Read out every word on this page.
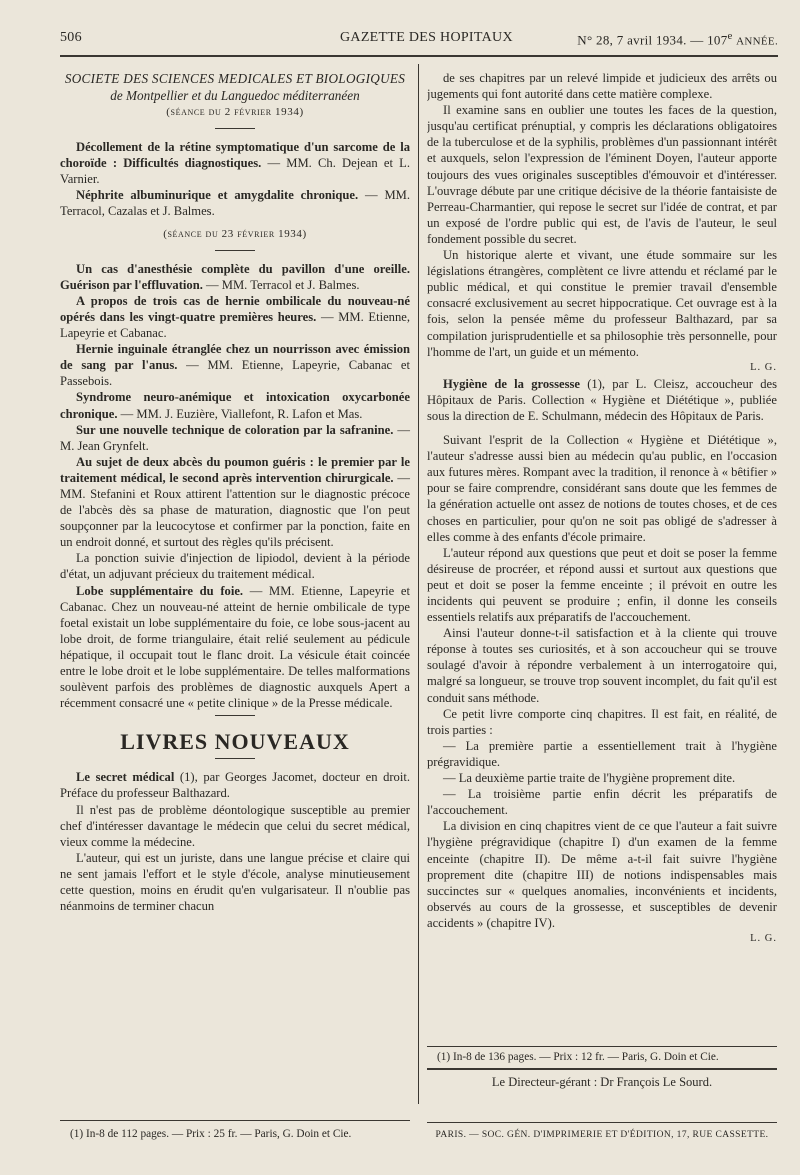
506	GAZETTE DES HOPITAUX	N° 28, 7 avril 1934. — 107e ANNÉE.

SOCIETE DES SCIENCES MEDICALES ET BIOLOGIQUES

de Montpellier et du Languedoc méditerranéen

(séance du 2 février 1934)

Décollement de la rétine symptomatique d'un sarcome de la choroïde : Difficultés diagnostiques. — MM. Ch. Dejean et L. Varnier.

Néphrite albuminurique et amygdalite chronique. — MM. Terracol, Cazalas et J. Balmes.

(séance du 23 février 1934)

Un cas d'anesthésie complète du pavillon d'une oreille. Guérison par l'effluvation. — MM. Terracol et J. Balmes.

A propos de trois cas de hernie ombilicale du nouveau-né opérés dans les vingt-quatre premières heures. — MM. Etienne, Lapeyrie et Cabanac.

Hernie inguinale étranglée chez un nourrisson avec émission de sang par l'anus. — MM. Etienne, Lapeyrie, Cabanac et Passebois.

Syndrome neuro-anémique et intoxication oxycarbonée chronique. — MM. J. Euzière, Viallefont, R. Lafon et Mas.

Sur une nouvelle technique de coloration par la safranine. — M. Jean Grynfelt.

Au sujet de deux abcès du poumon guéris : le premier par le traitement médical, le second après intervention chirurgicale. — MM. Stefanini et Roux attirent l'attention sur le diagnostic précoce de l'abcès dès sa phase de maturation, diagnostic que l'on peut soupçonner par la leucocytose et confirmer par la ponction, faite en un endroit donné, et surtout des règles qu'ils précisent.

La ponction suivie d'injection de lipiodol, devient à la période d'état, un adjuvant précieux du traitement médical.

Lobe supplémentaire du foie. — MM. Etienne, Lapeyrie et Cabanac. Chez un nouveau-né atteint de hernie ombilicale de type foetal existait un lobe supplémentaire du foie, ce lobe sous-jacent au lobe droit, de forme triangulaire, était relié seulement au pédicule hépatique, il occupait tout le flanc droit. La vésicule était coincée entre le lobe droit et le lobe supplémentaire. De telles malformations soulèvent parfois des problèmes de diagnostic auxquels Apert a récemment consacré une « petite clinique » de la Presse médicale.

LIVRES NOUVEAUX

Le secret médical (1), par Georges Jacomet, docteur en droit. Préface du professeur Balthazard.

Il n'est pas de problème déontologique susceptible au premier chef d'intéresser davantage le médecin que celui du secret médical, vieux comme la médecine.

L'auteur, qui est un juriste, dans une langue précise et claire qui ne sent jamais l'effort et le style d'école, analyse minutieusement cette question, moins en érudit qu'en vulgarisateur. Il n'oublie pas néanmoins de terminer chacun

(1) In-8 de 112 pages. — Prix : 25 fr. — Paris, G. Doin et Cie.

de ses chapitres par un relevé limpide et judicieux des arrêts ou jugements qui font autorité dans cette matière complexe.

Il examine sans en oublier une toutes les faces de la question, jusqu'au certificat prénuptial, y compris les déclarations obligatoires de la tuberculose et de la syphilis, problèmes d'un passionnant intérêt et auxquels, selon l'expression de l'éminent Doyen, l'auteur apporte toujours des vues originales susceptibles d'émouvoir et d'intéresser. L'ouvrage débute par une critique décisive de la théorie fantaisiste de Perreau-Charmantier, qui repose le secret sur l'idée de contrat, et par un exposé de l'ordre public qui est, de l'avis de l'auteur, le seul fondement possible du secret.

Un historique alerte et vivant, une étude sommaire sur les législations étrangères, complètent ce livre attendu et réclamé par le public médical, et qui constitue le premier travail d'ensemble consacré exclusivement au secret hippocratique. Cet ouvrage est à la fois, selon la pensée même du professeur Balthazard, par sa compilation jurisprudentielle et sa philosophie très personnelle, pour l'homme de l'art, un guide et un mémento.

L. G.

Hygiène de la grossesse (1), par L. Cleisz, accoucheur des Hôpitaux de Paris. Collection « Hygiène et Diététique », publiée sous la direction de E. Schulmann, médecin des Hôpitaux de Paris.

Suivant l'esprit de la Collection « Hygiène et Diététique », l'auteur s'adresse aussi bien au médecin qu'au public, en l'occasion aux futures mères. Rompant avec la tradition, il renonce à « bêtifier » pour se faire comprendre, considérant sans doute que les femmes de la génération actuelle ont assez de notions de toutes choses, et de ces choses en particulier, pour qu'on ne soit pas obligé de s'adresser à elles comme à des enfants d'école primaire.

L'auteur répond aux questions que peut et doit se poser la femme désireuse de procréer, et répond aussi et surtout aux questions que peut et doit se poser la femme enceinte ; il prévoit en outre les incidents qui peuvent se produire ; enfin, il donne les conseils essentiels relatifs aux préparatifs de l'accouchement.

Ainsi l'auteur donne-t-il satisfaction et à la cliente qui trouve réponse à toutes ses curiosités, et à son accoucheur qui se trouve soulagé d'avoir à répondre verbalement à un interrogatoire qui, malgré sa longueur, se trouve trop souvent incomplet, du fait qu'il est conduit sans méthode.

Ce petit livre comporte cinq chapitres. Il est fait, en réalité, de trois parties :

— La première partie a essentiellement trait à l'hygiène prégravidique.

— La deuxième partie traite de l'hygiène proprement dite.

— La troisième partie enfin décrit les préparatifs de l'accouchement.

La division en cinq chapitres vient de ce que l'auteur a fait suivre l'hygiène prégravidique (chapitre I) d'un examen de la femme enceinte (chapitre II). De même a-t-il fait suivre l'hygiène proprement dite (chapitre III) de notions indispensables mais succinctes sur « quelques anomalies, inconvénients et incidents, observés au cours de la grossesse, et susceptibles de devenir accidents » (chapitre IV).

L. G.

(1) In-8 de 136 pages. — Prix : 12 fr. — Paris, G. Doin et Cie.
Le Directeur-gérant : Dr François Le Sourd.
PARIS. — SOC. GÉN. D'IMPRIMERIE ET D'ÉDITION, 17, RUE CASSETTE.
